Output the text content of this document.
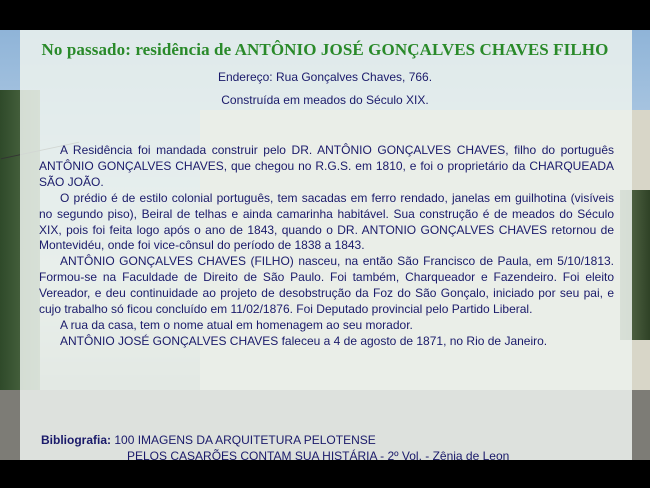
No passado: residência de ANTÔNIO JOSÉ GONÇALVES CHAVES FILHO
Endereço: Rua Gonçalves Chaves, 766.
Construída em meados do Século XIX.

A Residência foi mandada construir pelo DR. ANTÔNIO GONÇALVES CHAVES, filho do português ANTÔNIO GONÇALVES CHAVES, que chegou no R.G.S. em 1810, e foi o proprietário da CHARQUEADA SÃO JOÃO.

O prédio é de estilo colonial português, tem sacadas em ferro rendado, janelas em guilhotina (visíveis no segundo piso), Beiral de telhas e ainda camarinha habitável. Sua construção é de meados do Século XIX, pois foi feita logo após o ano de 1843, quando o DR. ANTONIO GONÇALVES CHAVES retornou de Montevidéu, onde foi vice-cônsul do período de 1838 a 1843.

ANTÔNIO GONÇALVES CHAVES (FILHO) nasceu, na então São Francisco de Paula, em 5/10/1813. Formou-se na Faculdade de Direito de São Paulo. Foi também, Charqueador e Fazendeiro. Foi eleito Vereador, e deu continuidade ao projeto de desobstrução da Foz do São Gonçalo, iniciado por seu pai, e cujo trabalho só ficou concluído em 11/02/1876. Foi Deputado provincial pelo Partido Liberal.

A rua da casa, tem o nome atual em homenagem ao seu morador.

ANTÔNIO JOSÉ GONÇALVES CHAVES faleceu a 4 de agosto de 1871, no Rio de Janeiro.

Bibliografia: 100 IMAGENS DA ARQUITETURA PELOTENSE
PELOS CASARÕES CONTAM SUA HISTÁRIA - 2º Vol. - Zênia de Leon
